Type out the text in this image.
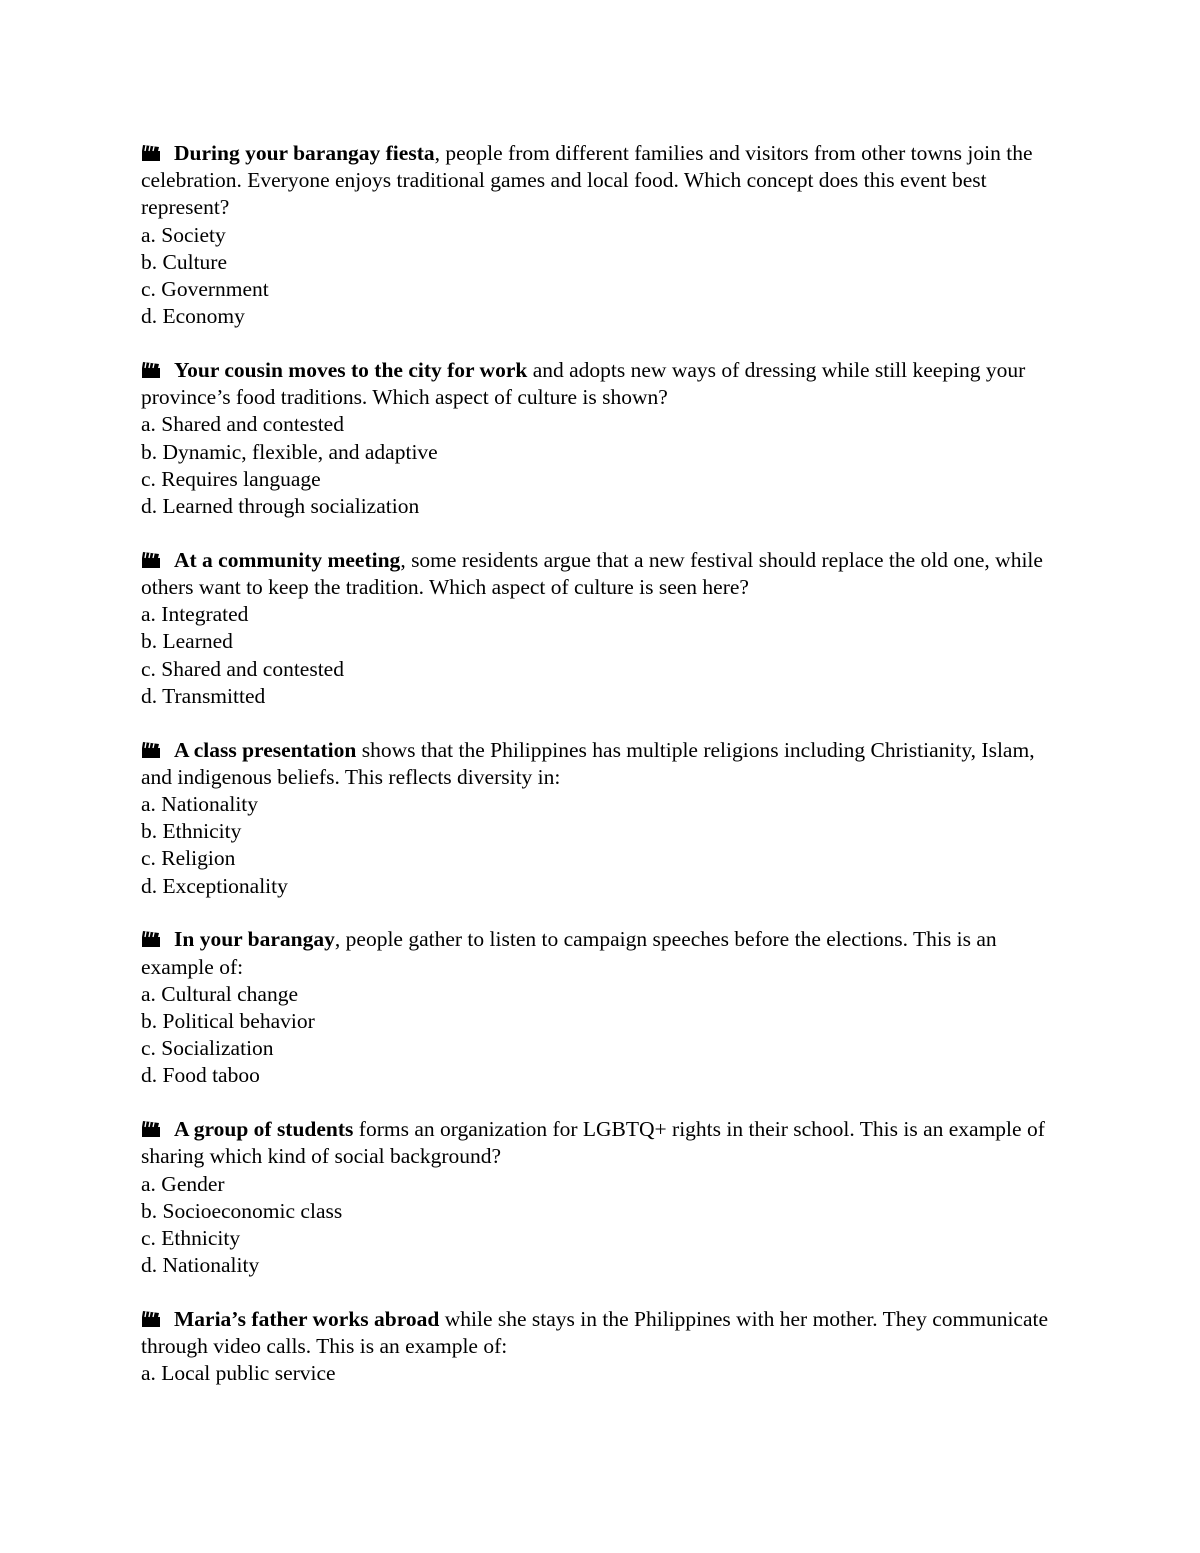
During your barangay fiesta, people from different families and visitors from other towns join the celebration. Everyone enjoys traditional games and local food. Which concept does this event best represent?

a. Society

b. Culture

c. Government

d. Economy

Your cousin moves to the city for work and adopts new ways of dressing while still keeping your province’s food traditions. Which aspect of culture is shown?

a. Shared and contested

b. Dynamic, flexible, and adaptive

c. Requires language

d. Learned through socialization

At a community meeting, some residents argue that a new festival should replace the old one, while others want to keep the tradition. Which aspect of culture is seen here?

a. Integrated

b. Learned

c. Shared and contested

d. Transmitted

A class presentation shows that the Philippines has multiple religions including Christianity, Islam, and indigenous beliefs. This reflects diversity in:

a. Nationality

b. Ethnicity

c. Religion

d. Exceptionality

In your barangay, people gather to listen to campaign speeches before the elections. This is an example of:

a. Cultural change

b. Political behavior

c. Socialization

d. Food taboo

A group of students forms an organization for LGBTQ+ rights in their school. This is an example of sharing which kind of social background?

a. Gender

b. Socioeconomic class

c. Ethnicity

d. Nationality

Maria’s father works abroad while she stays in the Philippines with her mother. They communicate through video calls. This is an example of:

a. Local public service
